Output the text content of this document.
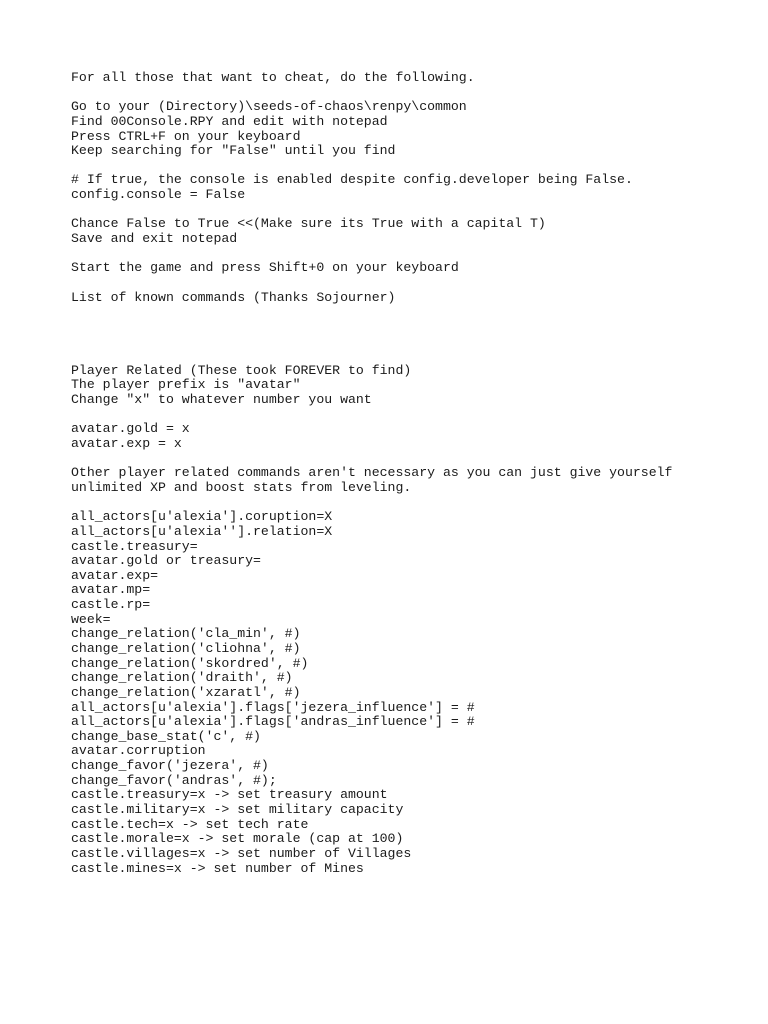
For all those that want to cheat, do the following.
Go to your (Directory)\seeds-of-chaos\renpy\common
Find 00Console.RPY and edit with notepad
Press CTRL+F on your keyboard
Keep searching for "False" until you find
# If true, the console is enabled despite config.developer being False.
config.console = False
Chance False to True <<(Make sure its True with a capital T)
Save and exit notepad
Start the game and press Shift+0 on your keyboard
List of known commands (Thanks Sojourner)
Player Related (These took FOREVER to find)
The player prefix is "avatar"
Change "x" to whatever number you want
avatar.gold = x
avatar.exp = x
Other player related commands aren't necessary as you can just give yourself
unlimited XP and boost stats from leveling.
all_actors[u'alexia'].coruption=X
all_actors[u'alexia''].relation=X
castle.treasury=
avatar.gold or treasury=
avatar.exp=
avatar.mp=
castle.rp=
week=
change_relation('cla_min', #)
change_relation('cliohna', #)
change_relation('skordred', #)
change_relation('draith', #)
change_relation('xzaratl', #)
all_actors[u'alexia'].flags['jezera_influence'] = #
all_actors[u'alexia'].flags['andras_influence'] = #
change_base_stat('c', #)
avatar.corruption
change_favor('jezera', #)
change_favor('andras', #);
castle.treasury=x -> set treasury amount
castle.military=x -> set military capacity
castle.tech=x -> set tech rate
castle.morale=x -> set morale (cap at 100)
castle.villages=x -> set number of Villages
castle.mines=x -> set number of Mines
